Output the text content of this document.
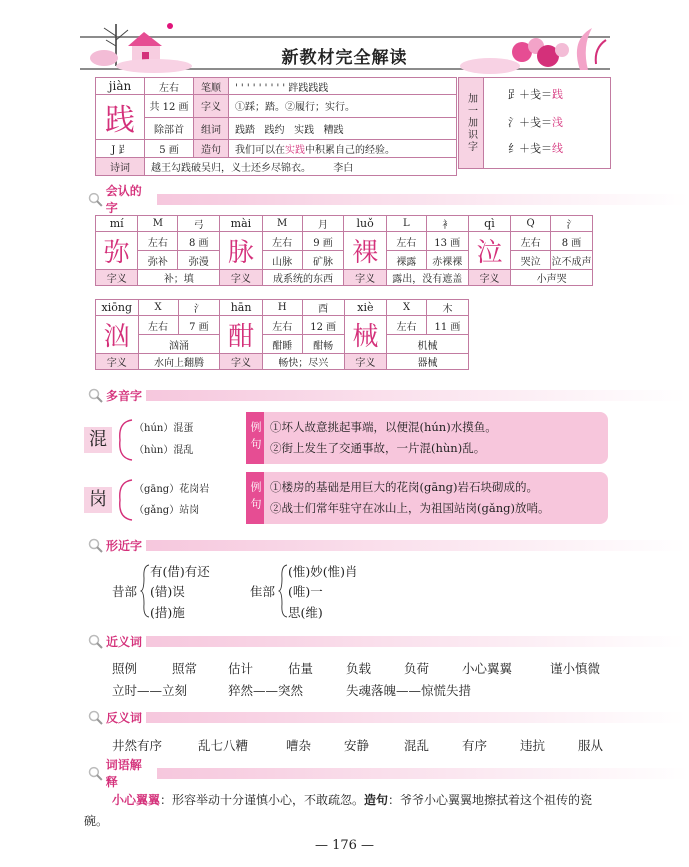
新教材完全解读
jiàn	左右	笔顺	' ' ' ' ' ' ' ' ' 跘践践践
践	共 12 画	字义	①踩；踏。②履行；实行。
	除部首	组词	践踏 践约 实践 糟践
J 𧾷	5 画	造句	我们可以在实践中积累自己的经验。
诗词	越王勾践破吴归，义士还乡尽锦衣。 李白		
加一加识字	𧾷＋戋＝践
氵＋戋＝浅
纟＋戋＝线
会认的字
mí	M	弓	mài	M	月	luǒ	L	衤	qì	Q	氵
弥	左右	8 画	脉	左右	9 画	裸	左右	13 画	泣	左右	8 画
	弥补	弥漫		山脉	矿脉		裸露	赤裸裸		哭泣	泣不成声
字义	补；填		字义	成系统的东西		字义	露出，没有遮盖		字义	小声哭	
xiōng	X	氵	hān	H	酉	xiè	X	木
汹	左右	7 画	酣	左右	12 画	械	左右	11 画
	汹涌			酣睡	酣畅		机械	
字义	水向上翻腾		字义	畅快；尽兴		字义	器械	
多音字
混
（hún）混蛋
（hùn）混乱	例句 ①坏人故意挑起事端，以便混(hún)水摸鱼。
②街上发生了交通事故，一片混(hùn)乱。
岗	（gāng）花岗岩
（gǎng）站岗	例句 ①楼房的基础是用巨大的花岗(gāng)岩石块砌成的。
②战士们常年驻守在冰山上，为祖国站岗(gǎng)放哨。
形近字
昔部
有(借)有还
(错)误
(措)施
隹部
(惟)妙(惟)肖
(唯)一
思(维)
近义词
照例	照常 估计	估量	负载	负荷	小心翼翼	谨小慎微
立时——立刻	猝然——突然	失魂落魄——惊慌失措
反义词
井然有序	乱七八糟	嘈杂	安静	混乱	有序	违抗	服从
词语解释
小心翼翼：形容举动十分谨慎小心，不敢疏忽。造句：爷爷小心翼翼地擦拭着这个祖传的瓷碗。
— 176 —
